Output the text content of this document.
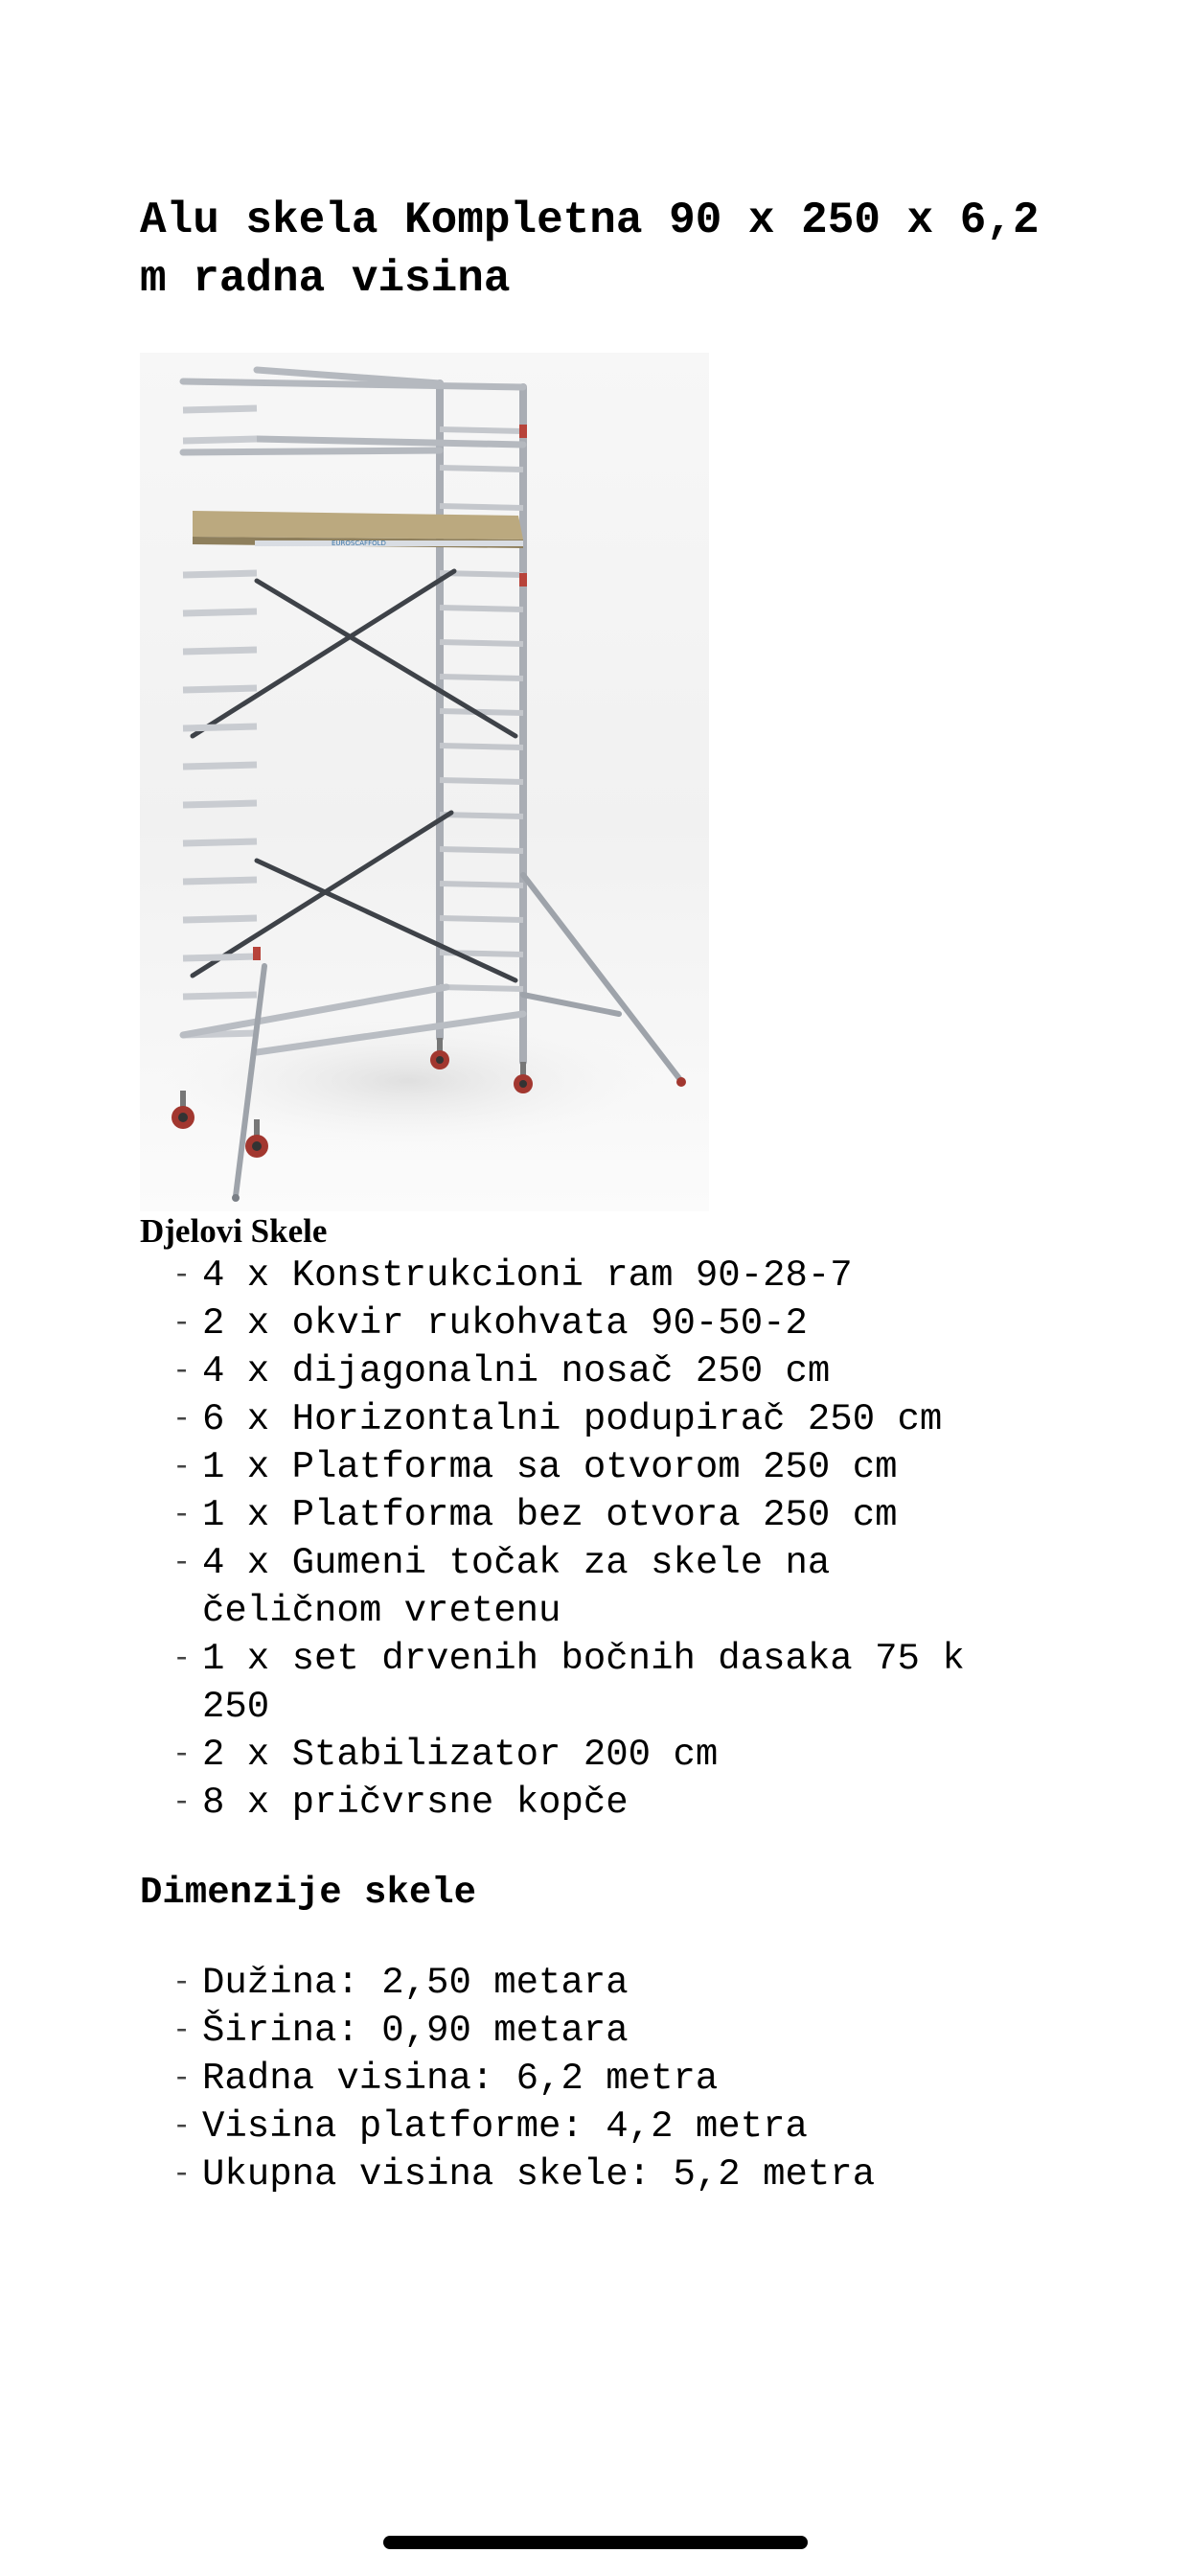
Alu skela Kompletna 90 x 250 x 6,2 m radna visina
EUROSCAFFOLD
Djelovi Skele
- 4 x Konstrukcioni ram 90-28-7
- 2 x okvir rukohvata 90-50-2
- 4 x dijagonalni nosač 250 cm
- 6 x Horizontalni podupirač 250 cm
- 1 x Platforma sa otvorom 250 cm
- 1 x Platforma bez otvora 250 cm
- 4 x Gumeni točak za skele na čeličnom vretenu
- 1 x set drvenih bočnih dasaka 75 k 250
- 2 x Stabilizator 200 cm
- 8 x pričvrsne kopče
Dimenzije skele
- Dužina: 2,50 metara
- Širina: 0,90 metara
- Radna visina: 6,2 metra
- Visina platforme: 4,2 metra
- Ukupna visina skele: 5,2 metra
